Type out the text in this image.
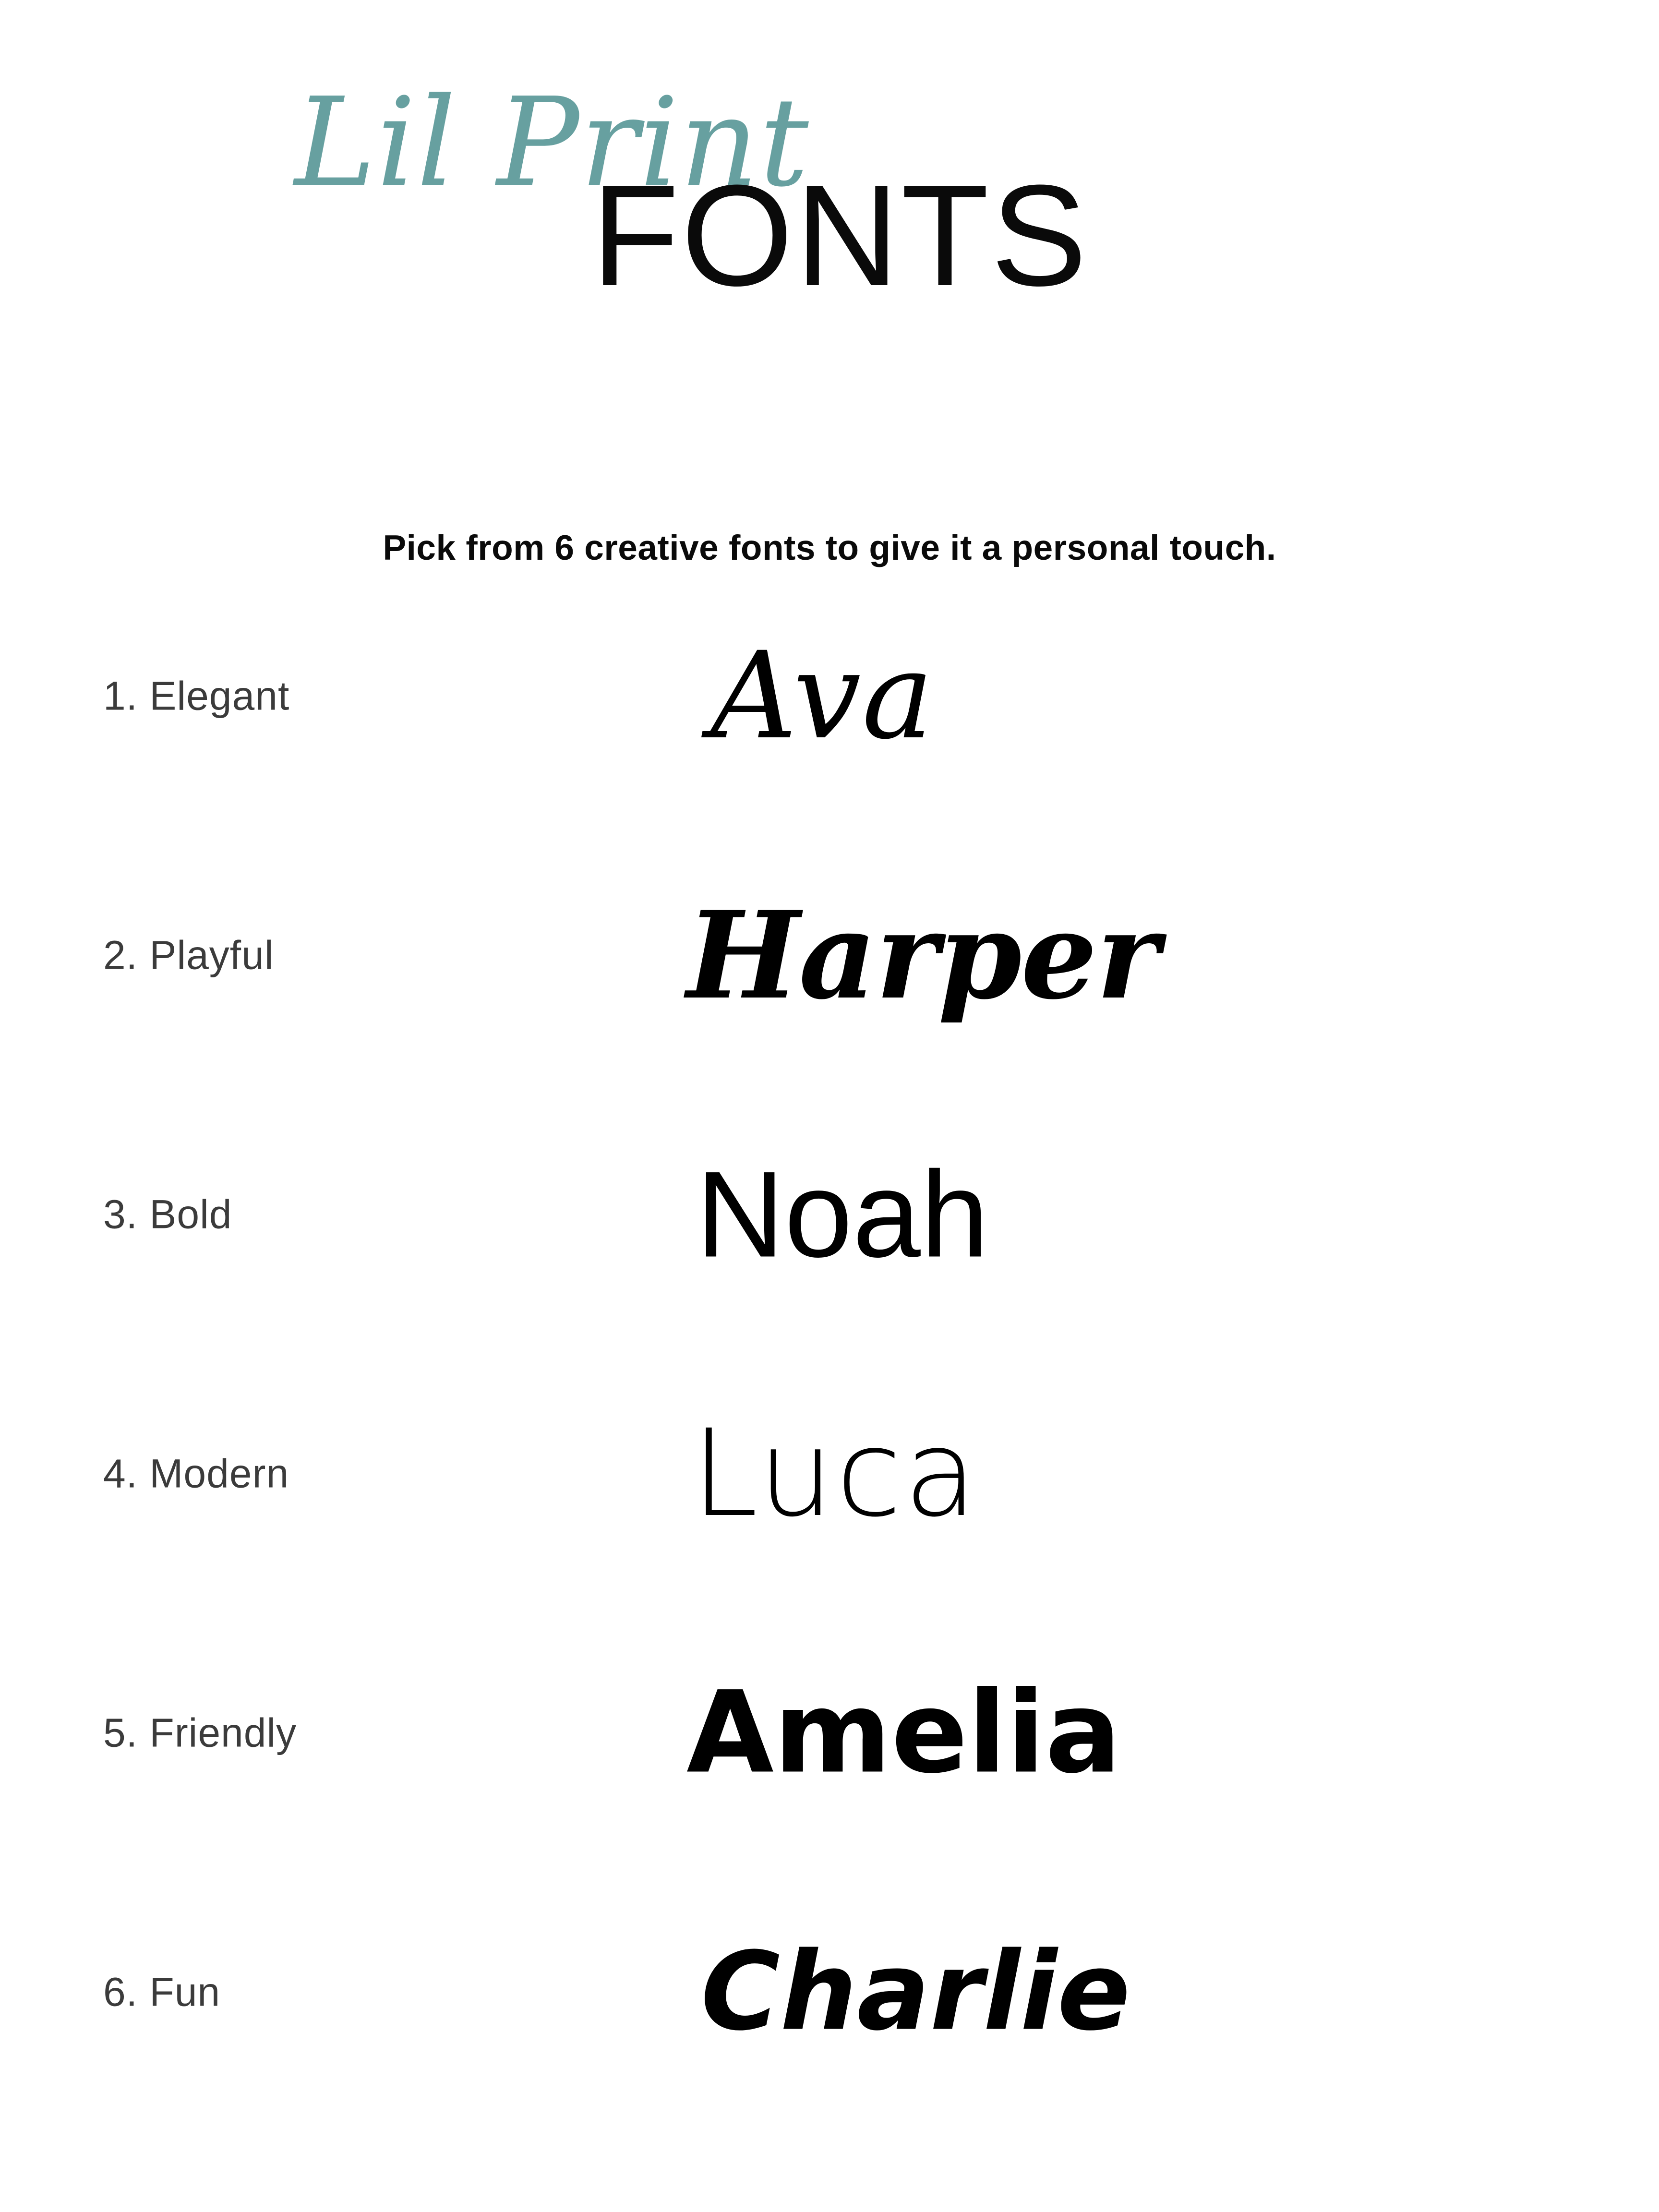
Lil Print
FONTS
Pick from 6 creative fonts to give it a personal touch.
1. Elegant	Ava
2. Playful	Harper
3. Bold	Noah
4. Modern	Luca
5. Friendly	Amelia
6. Fun	Charlie
